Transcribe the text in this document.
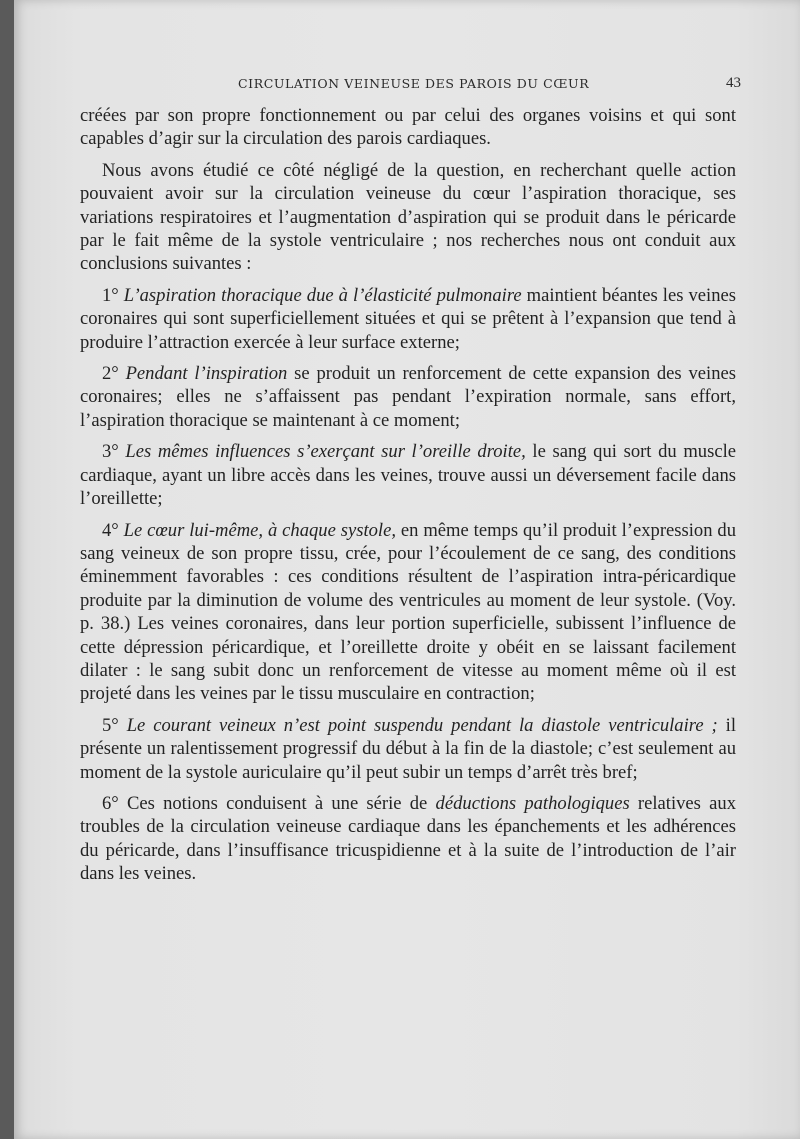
CIRCULATION VEINEUSE DES PAROIS DU CŒUR	43

créées par son propre fonctionnement ou par celui des organes voisins et qui sont capables d’agir sur la circulation des parois cardiaques.

Nous avons étudié ce côté négligé de la question, en recherchant quelle action pouvaient avoir sur la circulation veineuse du cœur l’aspiration thoracique, ses variations respiratoires et l’augmentation d’aspiration qui se produit dans le péricarde par le fait même de la systole ventriculaire ; nos recherches nous ont conduit aux conclusions suivantes :

1° L’aspiration thoracique due à l’élasticité pulmonaire maintient béantes les veines coronaires qui sont superficiellement situées et qui se prêtent à l’expansion que tend à produire l’attraction exercée à leur surface externe;

2° Pendant l’inspiration se produit un renforcement de cette expansion des veines coronaires; elles ne s’affaissent pas pendant l’expiration normale, sans effort, l’aspiration thoracique se maintenant à ce moment;

3° Les mêmes influences s’exerçant sur l’oreille droite, le sang qui sort du muscle cardiaque, ayant un libre accès dans les veines, trouve aussi un déversement facile dans l’oreillette;

4° Le cœur lui-même, à chaque systole, en même temps qu’il produit l’expression du sang veineux de son propre tissu, crée, pour l’écoulement de ce sang, des conditions éminemment favorables : ces conditions résultent de l’aspiration intra-péricardique produite par la diminution de volume des ventricules au moment de leur systole. (Voy. p. 38.) Les veines coronaires, dans leur portion superficielle, subissent l’influence de cette dépression péricardique, et l’oreillette droite y obéit en se laissant facilement dilater : le sang subit donc un renforcement de vitesse au moment même où il est projeté dans les veines par le tissu musculaire en contraction;

5° Le courant veineux n’est point suspendu pendant la diastole ventriculaire ; il présente un ralentissement progressif du début à la fin de la diastole; c’est seulement au moment de la systole auriculaire qu’il peut subir un temps d’arrêt très bref;

6° Ces notions conduisent à une série de déductions pathologiques relatives aux troubles de la circulation veineuse cardiaque dans les épanchements et les adhérences du péricarde, dans l’insuffisance tricuspidienne et à la suite de l’introduction de l’air dans les veines.
